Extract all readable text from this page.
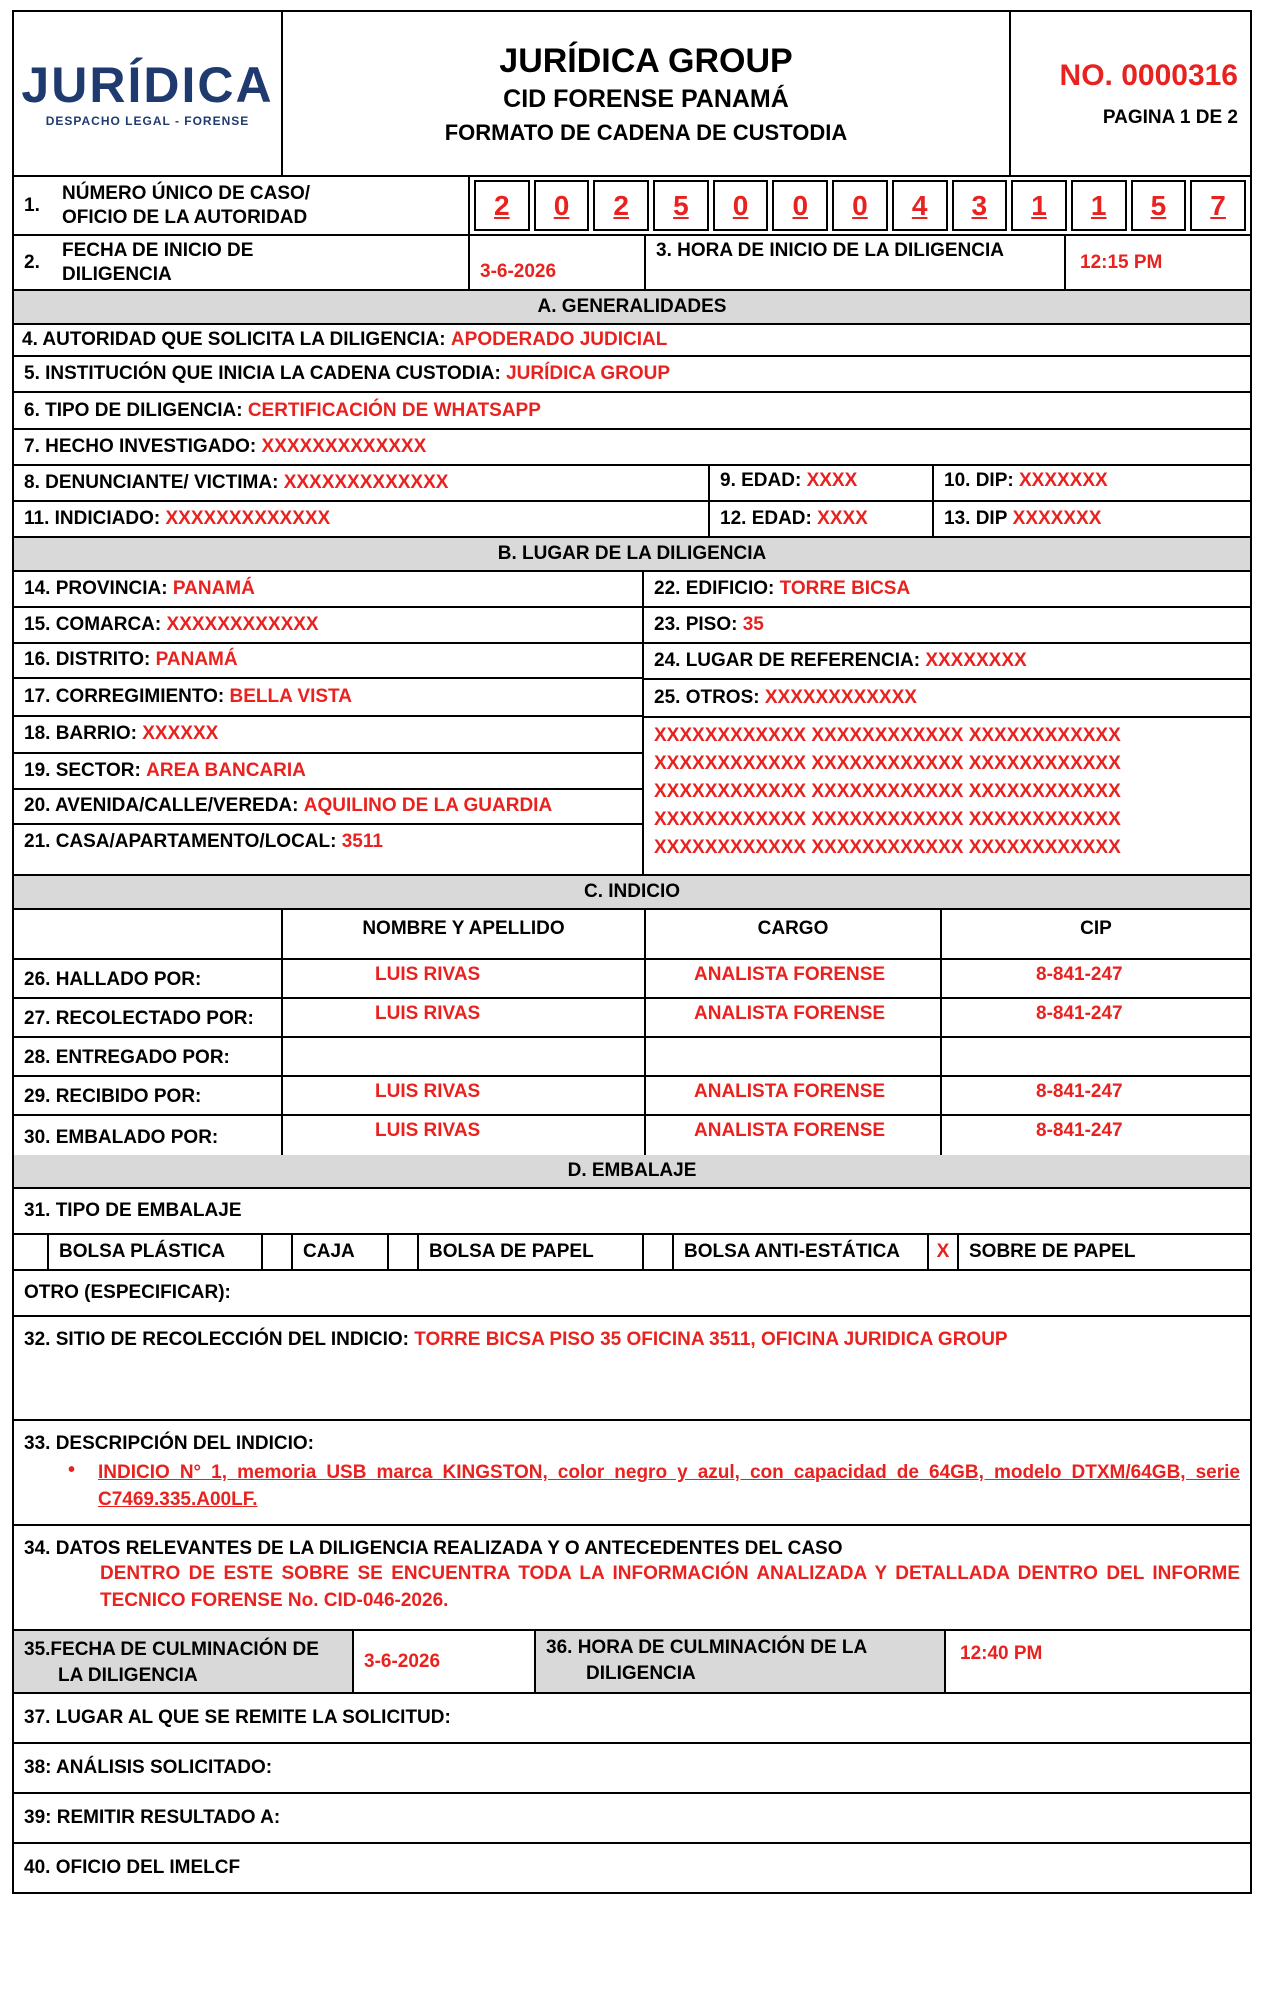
JURÍDICA
DESPACHO LEGAL - FORENSE
JURÍDICA GROUP
CID FORENSE PANAMÁ
FORMATO DE CADENA DE CUSTODIA
NO. 0000316
PAGINA 1 DE 2
1.
NÚMERO ÚNICO DE CASO/
OFICIO DE LA AUTORIDAD	2	0	2	5	0	0	0	4	3	1	1	5	7
2.
FECHA DE INICIO DE
DILIGENCIA	3-6-2026
3. HORA DE INICIO DE LA DILIGENCIA
12:15 PM
A. GENERALIDADES
4. AUTORIDAD QUE SOLICITA LA DILIGENCIA:
APODERADO JUDICIAL
5. INSTITUCIÓN QUE INICIA LA CADENA CUSTODIA:
JURÍDICA GROUP
6. TIPO DE DILIGENCIA:
CERTIFICACIÓN DE WHATSAPP
7. HECHO INVESTIGADO:
XXXXXXXXXXXXX
8. DENUNCIANTE/ VICTIMA:
XXXXXXXXXXXXX	9. EDAD:
XXXX	10. DIP:
XXXXXXX
11. INDICIADO:
XXXXXXXXXXXXX	12. EDAD:
XXXX	13. DIP
XXXXXXX
B. LUGAR DE LA DILIGENCIA
14. PROVINCIA:
PANAMÁ
15. COMARCA:
XXXXXXXXXXXX
16. DISTRITO:
PANAMÁ
17. CORREGIMIENTO:
BELLA VISTA
18. BARRIO:
XXXXXX
19. SECTOR:
AREA BANCARIA
20. AVENIDA/CALLE/VEREDA:
AQUILINO DE LA GUARDIA
21. CASA/APARTAMENTO/LOCAL:
3511
22. EDIFICIO:
TORRE BICSA
23. PISO:
35
24. LUGAR DE REFERENCIA:
XXXXXXXX
25. OTROS:
XXXXXXXXXXXX
XXXXXXXXXXXX XXXXXXXXXXXX XXXXXXXXXXXX
XXXXXXXXXXXX XXXXXXXXXXXX XXXXXXXXXXXX
XXXXXXXXXXXX XXXXXXXXXXXX XXXXXXXXXXXX
XXXXXXXXXXXX XXXXXXXXXXXX XXXXXXXXXXXX
XXXXXXXXXXXX XXXXXXXXXXXX XXXXXXXXXXXX
C. INDICIO
NOMBRE Y APELLIDO	CARGO	CIP
26. HALLADO POR:	LUIS RIVAS	ANALISTA FORENSE	8-841-247
27. RECOLECTADO POR:	LUIS RIVAS	ANALISTA FORENSE	8-841-247
28. ENTREGADO POR:
29. RECIBIDO POR:	LUIS RIVAS	ANALISTA FORENSE	8-841-247
30. EMBALADO POR:	LUIS RIVAS	ANALISTA FORENSE	8-841-247
D. EMBALAJE
31. TIPO DE EMBALAJE
BOLSA PLÁSTICA	CAJA	BOLSA DE PAPEL	BOLSA ANTI-ESTÁTICA	X	SOBRE DE PAPEL
OTRO (ESPECIFICAR):
32. SITIO DE RECOLECCIÓN DEL INDICIO:
TORRE BICSA PISO 35 OFICINA 3511, OFICINA JURIDICA GROUP
33. DESCRIPCIÓN DEL INDICIO:
•	INDICIO N° 1, memoria USB marca KINGSTON, color negro y azul, con capacidad de 64GB, modelo DTXM/64GB, serie C7469.335.A00LF.
34. DATOS RELEVANTES DE LA DILIGENCIA REALIZADA Y O ANTECEDENTES DEL CASO
DENTRO DE ESTE SOBRE SE ENCUENTRA TODA LA INFORMACIÓN ANALIZADA Y DETALLADA DENTRO DEL INFORME TECNICO FORENSE No. CID-046-2026.
35.FECHA DE CULMINACIÓN DE
LA DILIGENCIA
3-6-2026
36. HORA DE CULMINACIÓN DE LA
DILIGENCIA
12:40 PM
37. LUGAR AL QUE SE REMITE LA SOLICITUD:
38: ANÁLISIS SOLICITADO:
39: REMITIR RESULTADO A:
40. OFICIO DEL IMELCF
